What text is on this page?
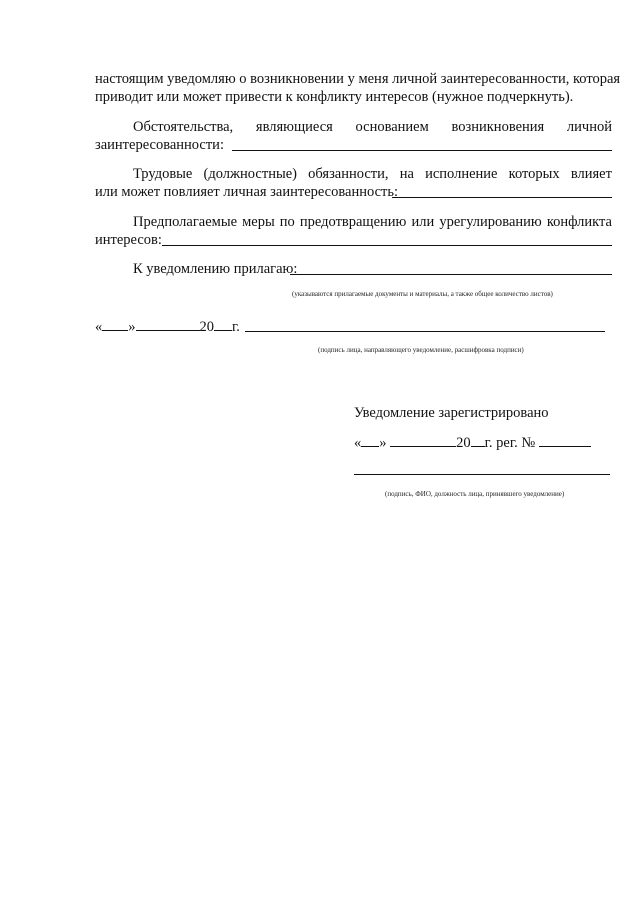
настоящим уведомляю о возникновении у меня личной заинтересованности, которая
приводит или может привести к конфликту интересов (нужное подчеркнуть).
Обстоятельства, являющиеся основанием возникновения личной
заинтересованности:
Трудовые (должностные) обязанности, на исполнение которых влияет
или может повлияет личная заинтересованность:
Предполагаемые меры по предотвращению или урегулированию конфликта
интересов:
К уведомлению прилагаю:
(указываются прилагаемые документы и материалы, а также общее количество листов)
« »	20 г.
(подпись лица, направляющего уведомление, расшифровка подписи)
Уведомление зарегистрировано
« »	20 г. рег. №
(подпись, ФИО, должность лица, принявшего уведомление)
